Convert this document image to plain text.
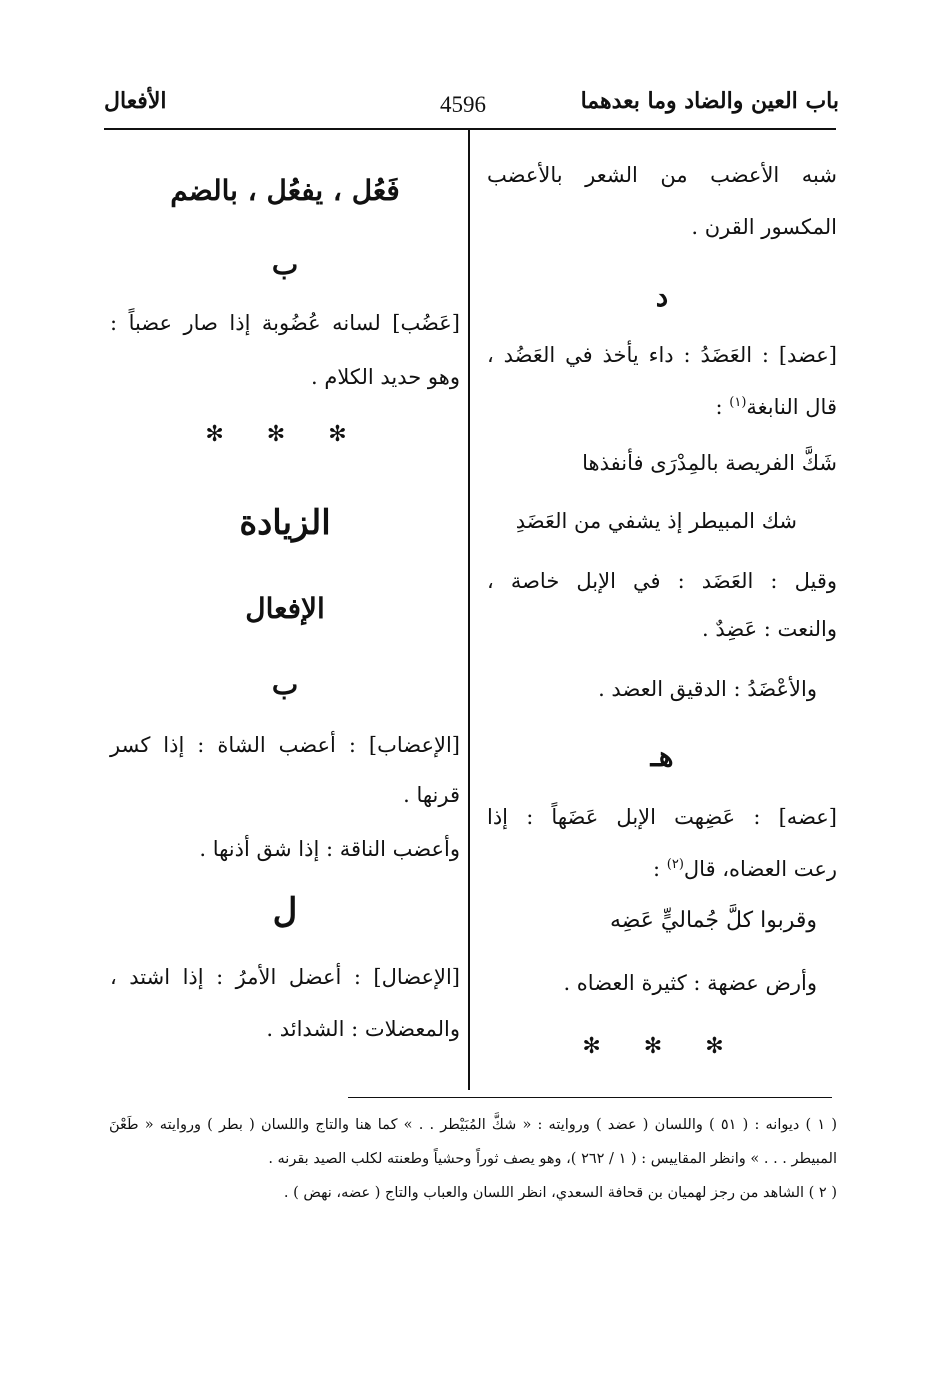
باب العين والضاد وما بعدهما
4596
الأفعال
شبه الأعضب من الشعر بالأعضب
المكسور القرن .
د
[عضد] : العَضَدُ : داء يأخذ في العَضُد ،
قال النابغة$^{(١)}$ :
شَكَّ الفريصة بالمِدْرَى فأنفذها
شك المبيطر إذ يشفي من العَضَدِ
وقيل : العَضَد : في الإبل خاصة ،
والنعت : عَضِدٌ .
والأعْضَدُ : الدقيق العضد .
هـ
[عضه] : عَضِهت الإبل عَضَهاً : إذا
رعت العضاه، قال$^{(٢)}$ :
وقربوا كلَّ جُماليٍّ عَضِه
وأرض عضهة : كثيرة العضاه .
✻ ✻ ✻
فَعُل ، يفعُل ، بالضم
ب
[عَضُب] لسانه عُضُوبة إذا صار عضباً :
وهو حديد الكلام .
✻ ✻ ✻
الزيادة
الإفعال
ب
[الإعضاب] : أعضب الشاة : إذا كسر
قرنها .
وأعضب الناقة : إذا شق أذنها .
ل
[الإعضال] : أعضل الأمرُ : إذا اشتد ،
والمعضلات : الشدائد .
( ١ ) ديوانه : ( ٥١ ) واللسان ( عضد ) وروايته : « شكَّ المُبَيْطر . . » كما هنا والتاج واللسان ( بطر ) وروايته « طَعْنَ
المبيطر . . . » وانظر المقاييس : ( ١ / ٢٦٢ )، وهو يصف ثوراً وحشياً وطعنته لكلب الصيد بقرنه .
( ٢ ) الشاهد من رجز لهميان بن قحافة السعدي، انظر اللسان والعباب والتاج ( عضه، نهض ) .
